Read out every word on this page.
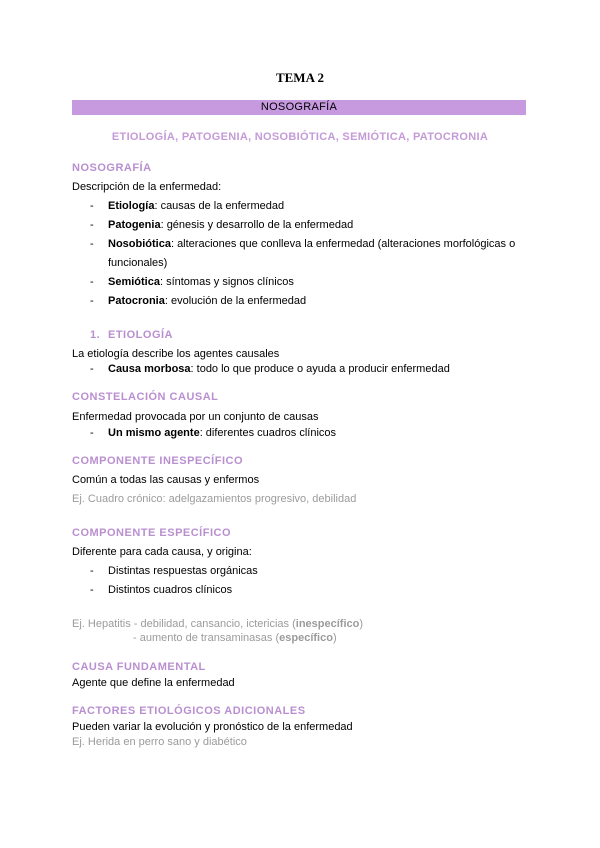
TEMA 2
NOSOGRAFÍA
ETIOLOGÍA, PATOGENIA, NOSOBIÓTICA, SEMIÓTICA, PATOCRONIA
NOSOGRAFÍA
Descripción de la enfermedad:
- Etiología: causas de la enfermedad
- Patogenia: génesis y desarrollo de la enfermedad
- Nosobiótica: alteraciones que conlleva la enfermedad (alteraciones morfológicas o
funcionales)
- Semiótica: síntomas y signos clínicos
- Patocronia: evolución de la enfermedad
1. ETIOLOGÍA
La etiología describe los agentes causales
- Causa morbosa: todo lo que produce o ayuda a producir enfermedad
CONSTELACIÓN CAUSAL
Enfermedad provocada por un conjunto de causas
- Un mismo agente: diferentes cuadros clínicos
COMPONENTE INESPECÍFICO
Común a todas las causas y enfermos
Ej. Cuadro crónico: adelgazamientos progresivo, debilidad
COMPONENTE ESPECÍFICO
Diferente para cada causa, y origina:
- Distintas respuestas orgánicas
- Distintos cuadros clínicos
Ej. Hepatitis - debilidad, cansancio, ictericias (inespecífico)
- aumento de transaminasas (específico)
CAUSA FUNDAMENTAL
Agente que define la enfermedad
FACTORES ETIOLÓGICOS ADICIONALES
Pueden variar la evolución y pronóstico de la enfermedad
Ej. Herida en perro sano y diabético
